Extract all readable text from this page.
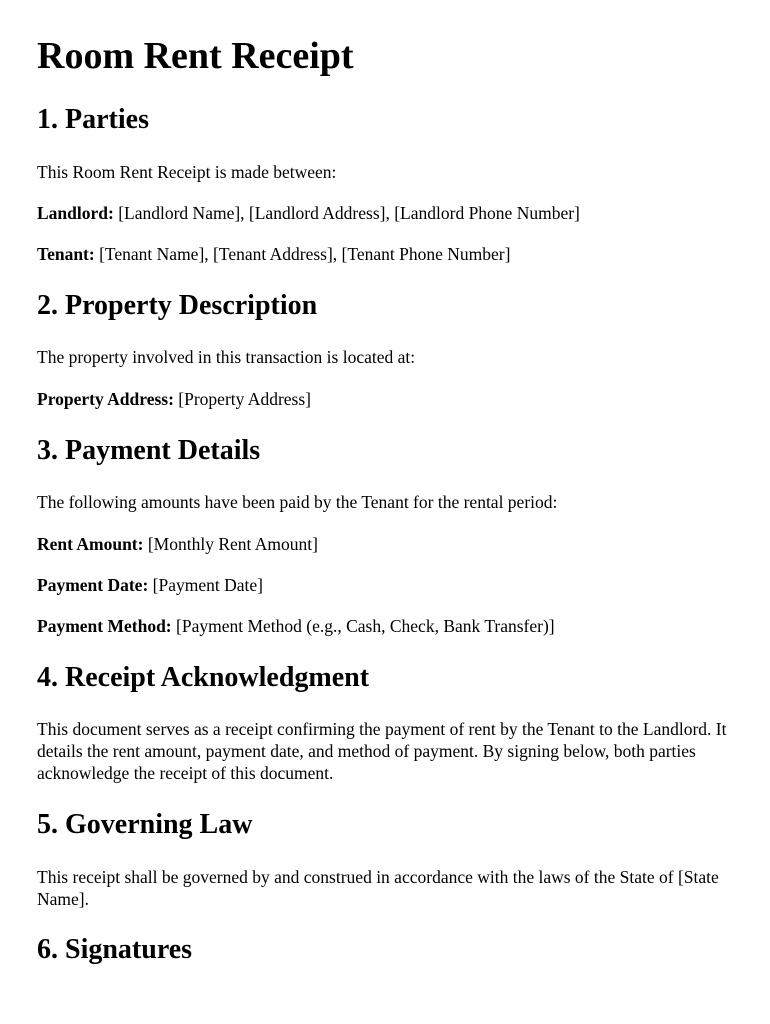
Room Rent Receipt
1. Parties

This Room Rent Receipt is made between:

Landlord: [Landlord Name], [Landlord Address], [Landlord Phone Number]

Tenant: [Tenant Name], [Tenant Address], [Tenant Phone Number]

2. Property Description

The property involved in this transaction is located at:

Property Address: [Property Address]

3. Payment Details

The following amounts have been paid by the Tenant for the rental period:

Rent Amount: [Monthly Rent Amount]

Payment Date: [Payment Date]

Payment Method: [Payment Method (e.g., Cash, Check, Bank Transfer)]

4. Receipt Acknowledgment

This document serves as a receipt confirming the payment of rent by the Tenant to the Landlord. It details the rent amount, payment date, and method of payment. By signing below, both parties acknowledge the receipt of this document.

5. Governing Law

This receipt shall be governed by and construed in accordance with the laws of the State of [State Name].

6. Signatures
